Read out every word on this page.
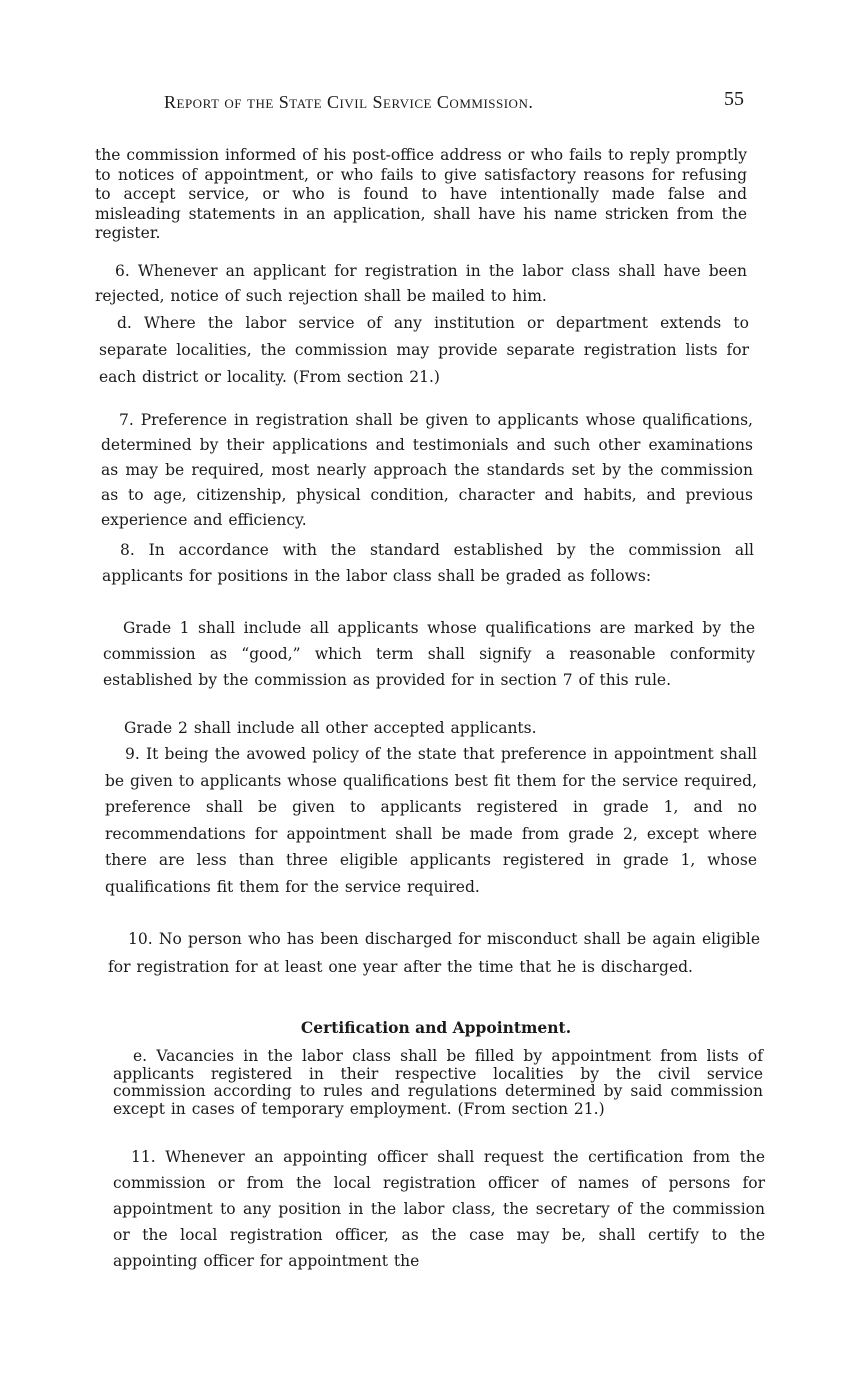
Report of the State Civil Service Commission.	55

the commission informed of his post-office address or who fails to reply promptly to notices of appointment, or who fails to give satisfactory reasons for refusing to accept service, or who is found to have intentionally made false and misleading statements in an application, shall have his name stricken from the register.

6. Whenever an applicant for registration in the labor class shall have been rejected, notice of such rejection shall be mailed to him.

d. Where the labor service of any institution or department extends to separate localities, the commission may provide separate registration lists for each district or locality. (From section 21.)

7. Preference in registration shall be given to applicants whose qualifications, determined by their applications and testimonials and such other examinations as may be required, most nearly approach the standards set by the commission as to age, citizenship, physical condition, character and habits, and previous experience and efficiency.

8. In accordance with the standard established by the commission all applicants for positions in the labor class shall be graded as follows:

Grade 1 shall include all applicants whose qualifications are marked by the commission as “good,” which term shall signify a reasonable conformity established by the commission as provided for in section 7 of this rule.

Grade 2 shall include all other accepted applicants.

9. It being the avowed policy of the state that preference in appointment shall be given to applicants whose qualifications best fit them for the service required, preference shall be given to applicants registered in grade 1, and no recommendations for appointment shall be made from grade 2, except where there are less than three eligible applicants registered in grade 1, whose qualifications fit them for the service required.

10. No person who has been discharged for misconduct shall be again eligible for registration for at least one year after the time that he is discharged.

Certification and Appointment.

e. Vacancies in the labor class shall be filled by appointment from lists of applicants registered in their respective localities by the civil service commission according to rules and regulations determined by said commission except in cases of temporary employment. (From section 21.)

11. Whenever an appointing officer shall request the certification from the commission or from the local registration officer of names of persons for appointment to any position in the labor class, the secretary of the commission or the local registration officer, as the case may be, shall certify to the appointing officer for appointment the
